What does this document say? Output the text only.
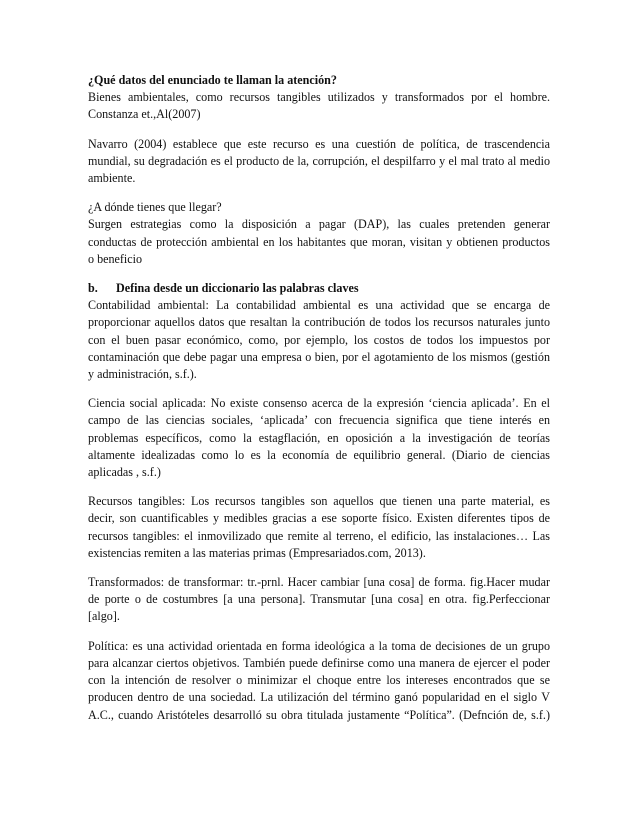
¿Qué datos del enunciado te llaman la atención?
Bienes ambientales, como recursos tangibles utilizados y transformados por el hombre.
Constanza et.,Al(2007)
Navarro (2004) establece que este recurso es una cuestión de política, de trascendencia
mundial, su degradación es el producto de la, corrupción, el despilfarro y el mal trato al medio
ambiente.
¿A dónde tienes que llegar?
Surgen estrategias como la disposición a pagar (DAP), las cuales pretenden generar
conductas de protección ambiental en los habitantes que moran, visitan y obtienen productos
o beneficio
b.	Defina desde un diccionario las palabras claves
Contabilidad ambiental: La contabilidad ambiental es una actividad que se encarga de
proporcionar aquellos datos que resaltan la contribución de todos los recursos naturales junto
con el buen pasar económico, como, por ejemplo, los costos de todos los impuestos por
contaminación que debe pagar una empresa o bien, por el agotamiento de los mismos (gestión
y administración, s.f.).
Ciencia social aplicada: No existe consenso acerca de la expresión ‘ciencia aplicada’. En el
campo de las ciencias sociales, ‘aplicada’ con frecuencia significa que tiene interés en
problemas específicos, como la estagflación, en oposición a la investigación de teorías
altamente idealizadas como lo es la economía de equilibrio general. (Diario de ciencias
aplicadas , s.f.)
Recursos tangibles: Los recursos tangibles son aquellos que tienen una parte material, es
decir, son cuantificables y medibles gracias a ese soporte físico. Existen diferentes tipos de
recursos tangibles: el inmovilizado que remite al terreno, el edificio, las instalaciones… Las
existencias remiten a las materias primas (Empresariados.com, 2013).
Transformados: de transformar: tr.-prnl. Hacer cambiar [una cosa] de forma. fig.Hacer mudar
de porte o de costumbres [a una persona]. Transmutar [una cosa] en otra. fig.Perfeccionar
[algo].
Política: es una actividad orientada en forma ideológica a la toma de decisiones de un grupo
para alcanzar ciertos objetivos. También puede definirse como una manera de ejercer el poder
con la intención de resolver o minimizar el choque entre los intereses encontrados que se
producen dentro de una sociedad. La utilización del término ganó popularidad en el siglo V
A.C., cuando Aristóteles desarrolló su obra titulada justamente “Política”. (Defnción de, s.f.)
